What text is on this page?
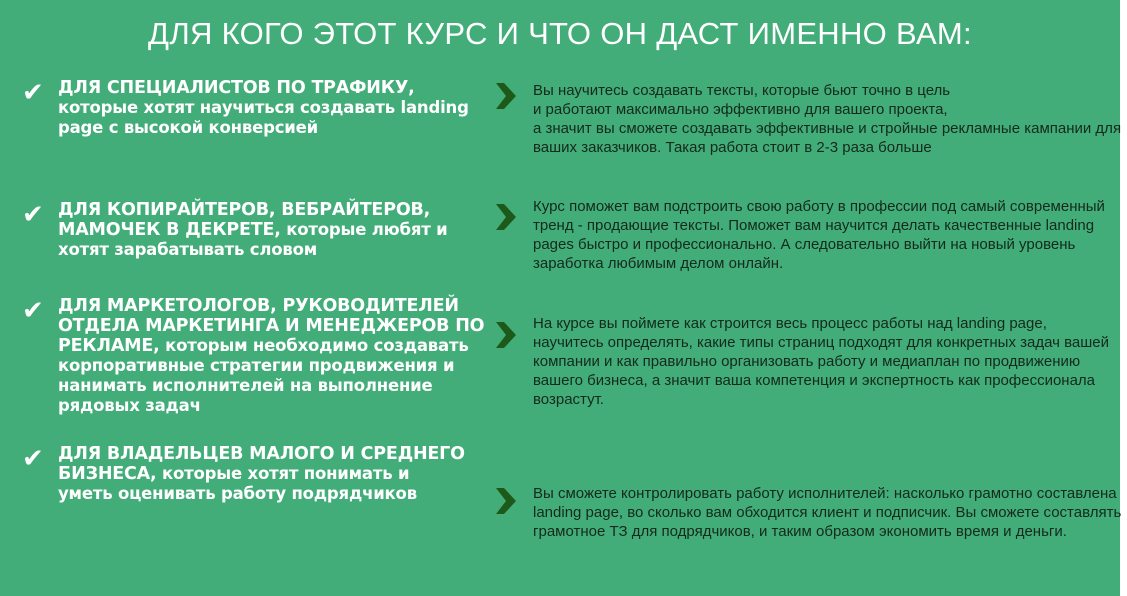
ДЛЯ КОГО ЭТОТ КУРС И ЧТО ОН ДАСТ ИМЕННО ВАМ:
✔ ДЛЯ СПЕЦИАЛИСТОВ ПО ТРАФИКУ, которые хотят научиться создавать landing page с высокой конверсией
✔ ДЛЯ КОПИРАЙТЕРОВ, ВЕБРАЙТЕРОВ, МАМОЧЕК В ДЕКРЕТЕ, которые любят и хотят зарабатывать словом
✔ ДЛЯ МАРКЕТОЛОГОВ, РУКОВОДИТЕЛЕЙ ОТДЕЛА МАРКЕТИНГА И МЕНЕДЖЕРОВ ПО РЕКЛАМЕ, которым необходимо создавать корпоративные стратегии продвижения и нанимать исполнителей на выполнение рядовых задач
✔ ДЛЯ ВЛАДЕЛЬЦЕВ МАЛОГО И СРЕДНЕГО БИЗНЕСА, которые хотят понимать и уметь оценивать работу подрядчиков
Вы научитесь создавать тексты, которые бьют точно в цель
и работают максимально эффективно для вашего проекта,
а значит вы сможете создавать эффективные и стройные рекламные кампании для ваших заказчиков. Такая работа стоит в 2-3 раза больше
Курс поможет вам подстроить свою работу в профессии под самый современный тренд - продающие тексты. Поможет вам научится делать качественные landing pages быстро и профессионально. А следовательно выйти на новый уровень заработка любимым делом онлайн.
На курсе вы поймете как строится весь процесс работы над landing page,
научитесь определять, какие типы страниц подходят для конкретных задач вашей компании и как правильно организовать работу и медиаплан по продвижению вашего бизнеса, а значит ваша компетенция и экспертность как профессионала возрастут.
Вы сможете контролировать работу исполнителей: насколько грамотно составлена landing page, во сколько вам обходится клиент и подписчик. Вы сможете составлять грамотное ТЗ для подрядчиков, и таким образом экономить время и деньги.
